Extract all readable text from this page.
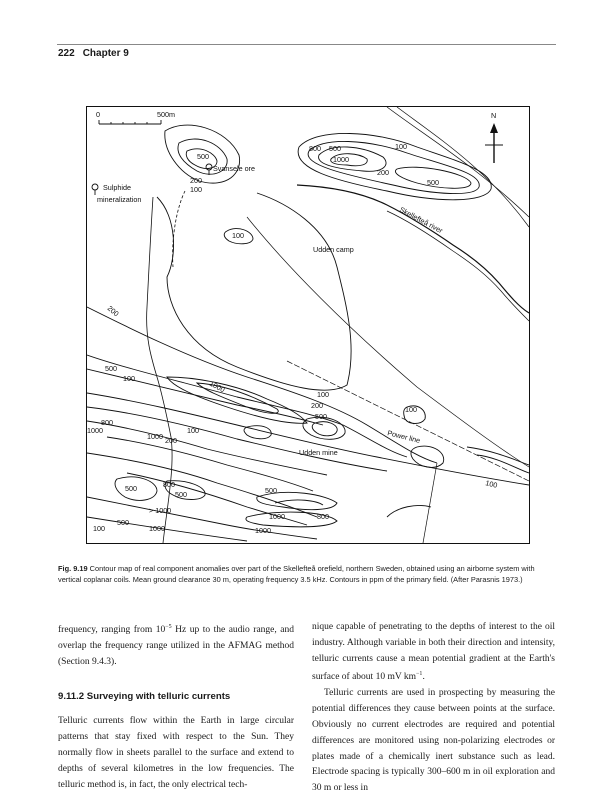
222 Chapter 9
0	500m	N
500
200
100
Svansele ore
Sulphide
mineralization
800
1000
500	100
200
500
Skellefteå river
100
Udden camp
Power line
Udden mine
200
500
100
1000
100
200
500
800
1000
1000
100
200
100
500	800
500	500
> 1000
1000	800
500
1000	1000
100
100
Fig. 9.19 Contour map of real component anomalies over part of the Skellefteå orefield, northern Sweden, obtained using an airborne system with vertical coplanar coils. Mean ground clearance 30 m, operating frequency 3.5 kHz. Contours in ppm of the primary field. (After Parasnis 1973.)

frequency, ranging from $10^{-5}$ Hz up to the audio range, and overlap the frequency range utilized in the AFMAG method (Section 9.4.3).

9.11.2 Surveying with telluric currents

Telluric currents flow within the Earth in large circular patterns that stay fixed with respect to the Sun. They normally flow in sheets parallel to the surface and extend to depths of several kilometres in the low frequencies. The telluric method is, in fact, the only electrical tech-

nique capable of penetrating to the depths of interest to the oil industry. Although variable in both their direction and intensity, telluric currents cause a mean potential gradient at the Earth's surface of about 10 mV $km^{-1}$.

Telluric currents are used in prospecting by measuring the potential differences they cause between points at the surface. Obviously no current electrodes are required and potential differences are monitored using non-polarizing electrodes or plates made of a chemically inert substance such as lead. Electrode spacing is typically 300–600 m in oil exploration and 30 m or less in
